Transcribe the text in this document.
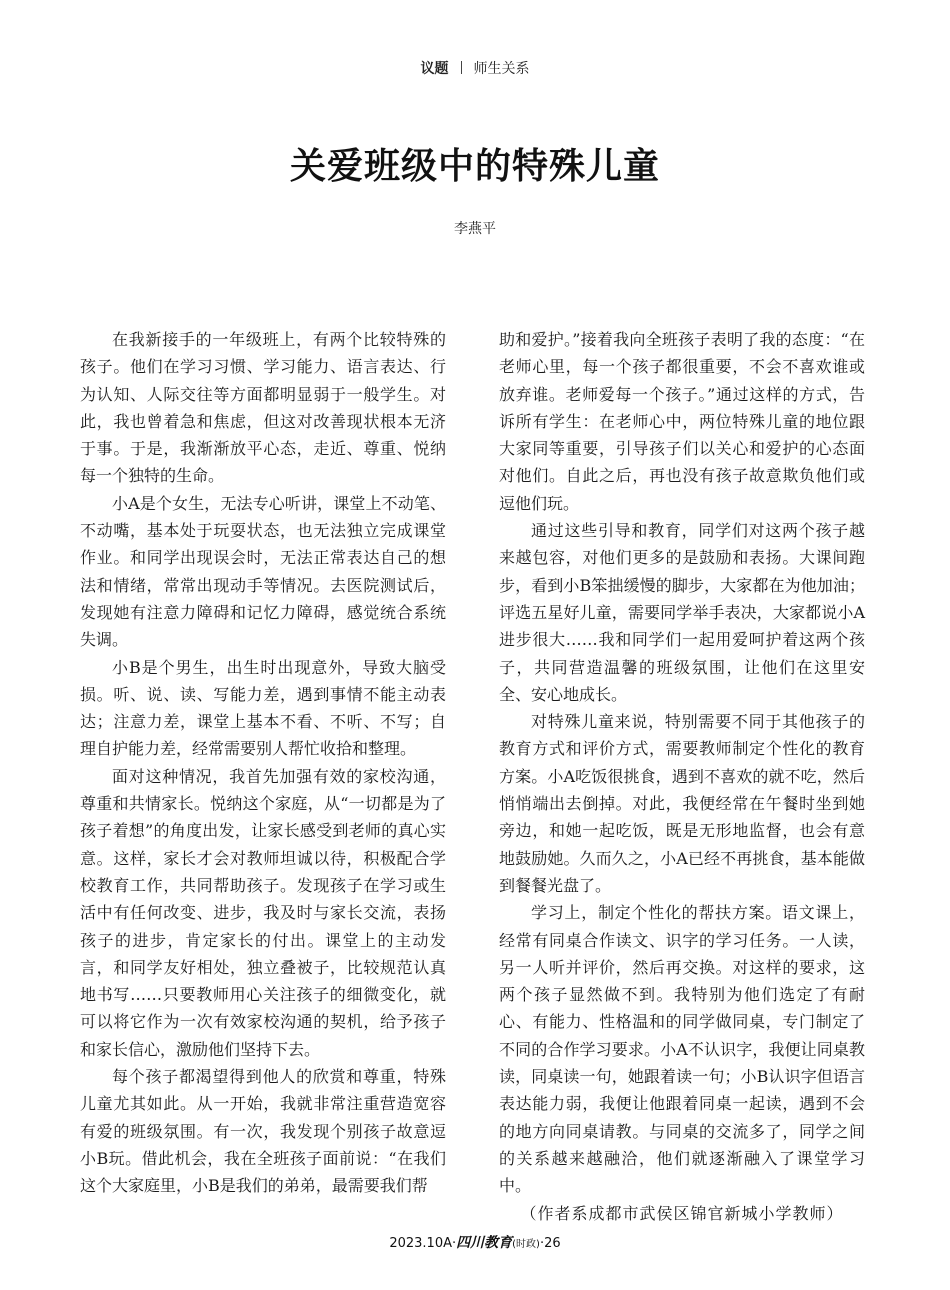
议题 师生关系
关爱班级中的特殊儿童
李燕平

在我新接手的一年级班上，有两个比较特殊的孩子。他们在学习习惯、学习能力、语言表达、行为认知、人际交往等方面都明显弱于一般学生。对此，我也曾着急和焦虑，但这对改善现状根本无济于事。于是，我渐渐放平心态，走近、尊重、悦纳每一个独特的生命。

小A是个女生，无法专心听讲，课堂上不动笔、不动嘴，基本处于玩耍状态，也无法独立完成课堂作业。和同学出现误会时，无法正常表达自己的想法和情绪，常常出现动手等情况。去医院测试后，发现她有注意力障碍和记忆力障碍，感觉统合系统失调。

小B是个男生，出生时出现意外，导致大脑受损。听、说、读、写能力差，遇到事情不能主动表达；注意力差，课堂上基本不看、不听、不写；自理自护能力差，经常需要别人帮忙收拾和整理。

面对这种情况，我首先加强有效的家校沟通，尊重和共情家长。悦纳这个家庭，从“一切都是为了孩子着想”的角度出发，让家长感受到老师的真心实意。这样，家长才会对教师坦诚以待，积极配合学校教育工作，共同帮助孩子。发现孩子在学习或生活中有任何改变、进步，我及时与家长交流，表扬孩子的进步，肯定家长的付出。课堂上的主动发言，和同学友好相处，独立叠被子，比较规范认真地书写……只要教师用心关注孩子的细微变化，就可以将它作为一次有效家校沟通的契机，给予孩子和家长信心，激励他们坚持下去。

每个孩子都渴望得到他人的欣赏和尊重，特殊儿童尤其如此。从一开始，我就非常注重营造宽容有爱的班级氛围。有一次，我发现个别孩子故意逗小B玩。借此机会，我在全班孩子面前说：“在我们这个大家庭里，小B是我们的弟弟，最需要我们帮

助和爱护。”接着我向全班孩子表明了我的态度：“在老师心里，每一个孩子都很重要，不会不喜欢谁或放弃谁。老师爱每一个孩子。”通过这样的方式，告诉所有学生：在老师心中，两位特殊儿童的地位跟大家同等重要，引导孩子们以关心和爱护的心态面对他们。自此之后，再也没有孩子故意欺负他们或逗他们玩。

通过这些引导和教育，同学们对这两个孩子越来越包容，对他们更多的是鼓励和表扬。大课间跑步，看到小B笨拙缓慢的脚步，大家都在为他加油；评选五星好儿童，需要同学举手表决，大家都说小A进步很大……我和同学们一起用爱呵护着这两个孩子，共同营造温馨的班级氛围，让他们在这里安全、安心地成长。

对特殊儿童来说，特别需要不同于其他孩子的教育方式和评价方式，需要教师制定个性化的教育方案。小A吃饭很挑食，遇到不喜欢的就不吃，然后悄悄端出去倒掉。对此，我便经常在午餐时坐到她旁边，和她一起吃饭，既是无形地监督，也会有意地鼓励她。久而久之，小A已经不再挑食，基本能做到餐餐光盘了。

学习上，制定个性化的帮扶方案。语文课上，经常有同桌合作读文、识字的学习任务。一人读，另一人听并评价，然后再交换。对这样的要求，这两个孩子显然做不到。我特别为他们选定了有耐心、有能力、性格温和的同学做同桌，专门制定了不同的合作学习要求。小A不认识字，我便让同桌教读，同桌读一句，她跟着读一句；小B认识字但语言表达能力弱，我便让他跟着同桌一起读，遇到不会的地方向同桌请教。与同桌的交流多了，同学之间的关系越来越融洽，他们就逐渐融入了课堂学习中。

（作者系成都市武侯区锦官新城小学教师）

2023.10A·四川教育(时政)·26
